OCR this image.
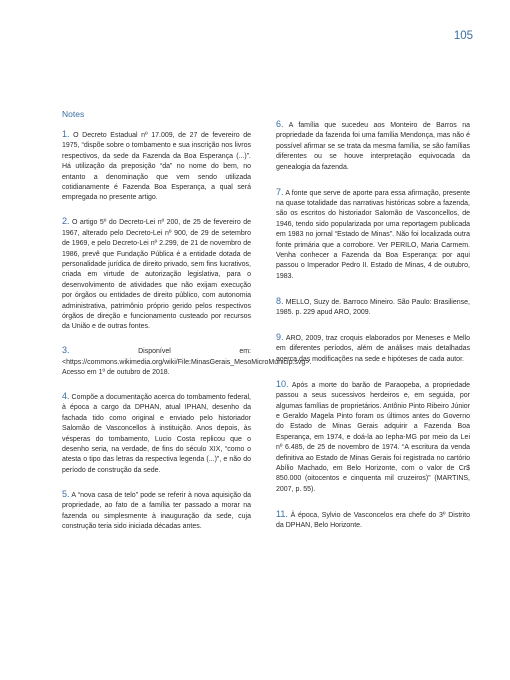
105
Notes

1. O Decreto Estadual nº 17.009, de 27 de fevereiro de 1975, “dispõe sobre o tombamento e sua inscrição nos livros respectivos, da sede da Fazenda da Boa Esperança (...)”. Há utilização da preposição “da” no nome do bem, no entanto a denominação que vem sendo utilizada cotidianamente é Fazenda Boa Esperança, a qual será empregada no presente artigo.

2. O artigo 5º do Decreto-Lei nº 200, de 25 de fevereiro de 1967, alterado pelo Decreto-Lei nº 900, de 29 de setembro de 1969, e pelo Decreto-Lei nº 2.299, de 21 de novembro de 1986, prevê que Fundação Pública é a entidade dotada de personalidade jurídica de direito privado, sem fins lucrativos, criada em virtude de autorização legislativa, para o desenvolvimento de atividades que não exijam execução por órgãos ou entidades de direito público, com autonomia administrativa, patrimônio próprio gerido pelos respectivos órgãos de direção e funcionamento custeado por recursos da União e de outras fontes.

3.	Disponível em: <https://commons.wikimedia.org/wiki/File:MinasGerais_MesoMicroMunicip.svg>. Acesso em 1º de outubro de 2018.

4. Compõe a documentação acerca do tombamento federal, à época a cargo da DPHAN, atual IPHAN, desenho da fachada tido como original e enviado pelo historiador Salomão de Vasconcellos à instituição. Anos depois, às vésperas do tombamento, Lucio Costa replicou que o desenho seria, na verdade, de fins do século XIX, “como o atesta o tipo das letras da respectiva legenda (...)”, e não do período de construção da sede.

5. A “nova casa de telo” pode se referir à nova aquisição da propriedade, ao fato de a família ter passado a morar na fazenda ou simplesmente à inauguração da sede, cuja construção teria sido iniciada décadas antes.

6. A família que sucedeu aos Monteiro de Barros na propriedade da fazenda foi uma família Mendonça, mas não é possível afirmar se se trata da mesma família, se são famílias diferentes ou se houve interpretação equivocada da genealogia da fazenda.

7. A fonte que serve de aporte para essa afirmação, presente na quase totalidade das narrativas históricas sobre a fazenda, são os escritos do historiador Salomão de Vasconcellos, de 1946, tendo sido popularizada por uma reportagem publicada em 1983 no jornal “Estado de Minas”. Não foi localizada outra fonte primária que a corrobore. Ver PERILO, Maria Carmem. Venha conhecer a Fazenda da Boa Esperança: por aqui passou o Imperador Pedro II. Estado de Minas, 4 de outubro, 1983.

8. MELLO, Suzy de. Barroco Mineiro. São Paulo: Brasiliense, 1985. p. 229 apud ARO, 2009.

9. ARO, 2009, traz croquis elaborados por Meneses e Mello em diferentes períodos, além de análises mais detalhadas acerca das modificações na sede e hipóteses de cada autor.

10. Após a morte do barão de Paraopeba, a propriedade passou a seus sucessivos herdeiros e, em seguida, por algumas famílias de proprietários. Antônio Pinto Ribeiro Júnior e Geraldo Magela Pinto foram os últimos antes do Governo do Estado de Minas Gerais adquirir a Fazenda Boa Esperança, em 1974, e doá-la ao Iepha-MG por meio da Lei nº 6.485, de 25 de novembro de 1974. “A escritura da venda definitiva ao Estado de Minas Gerais foi registrada no cartório Abílio Machado, em Belo Horizonte, com o valor de Cr$ 850.000 (oitocentos e cinquenta mil cruzeiros)” (MARTINS, 2007, p. 55).

11. À época, Sylvio de Vasconcelos era chefe do 3º Distrito da DPHAN, Belo Horizonte.
